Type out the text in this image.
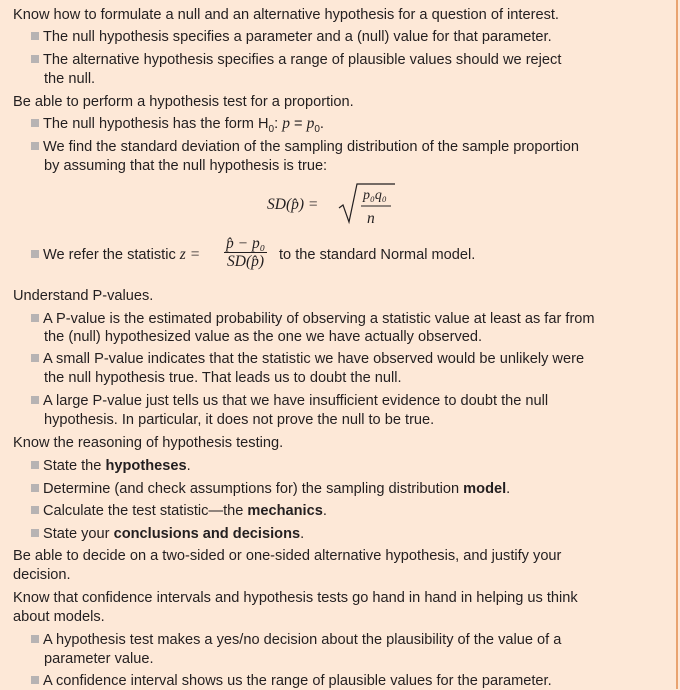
Know how to formulate a null and an alternative hypothesis for a question of interest.
The null hypothesis specifies a parameter and a (null) value for that parameter.
The alternative hypothesis specifies a range of plausible values should we reject
the null.
Be able to perform a hypothesis test for a proportion.
The null hypothesis has the form $H_0$: $p = p_0$.
We find the standard deviation of the sampling distribution of the sample proportion
by assuming that the null hypothesis is true:
SD(p̂) =
p₀q₀
n
We refer the statistic $z = \frac{\text{p̂ − p₀}}{SD(p̂)}$ to the standard Normal model.
Understand P-values.
A P-value is the estimated probability of observing a statistic value at least as far from
the (null) hypothesized value as the one we have actually observed.
A small P-value indicates that the statistic we have observed would be unlikely were
the null hypothesis true. That leads us to doubt the null.
A large P-value just tells us that we have insufficient evidence to doubt the null
hypothesis. In particular, it does not prove the null to be true.
Know the reasoning of hypothesis testing.
State the hypotheses.
Determine (and check assumptions for) the sampling distribution model.
Calculate the test statistic—the mechanics.
State your conclusions and decisions.
Be able to decide on a two-sided or one-sided alternative hypothesis, and justify your
decision.
Know that confidence intervals and hypothesis tests go hand in hand in helping us think
about models.
A hypothesis test makes a yes/no decision about the plausibility of the value of a
parameter value.
A confidence interval shows us the range of plausible values for the parameter.
